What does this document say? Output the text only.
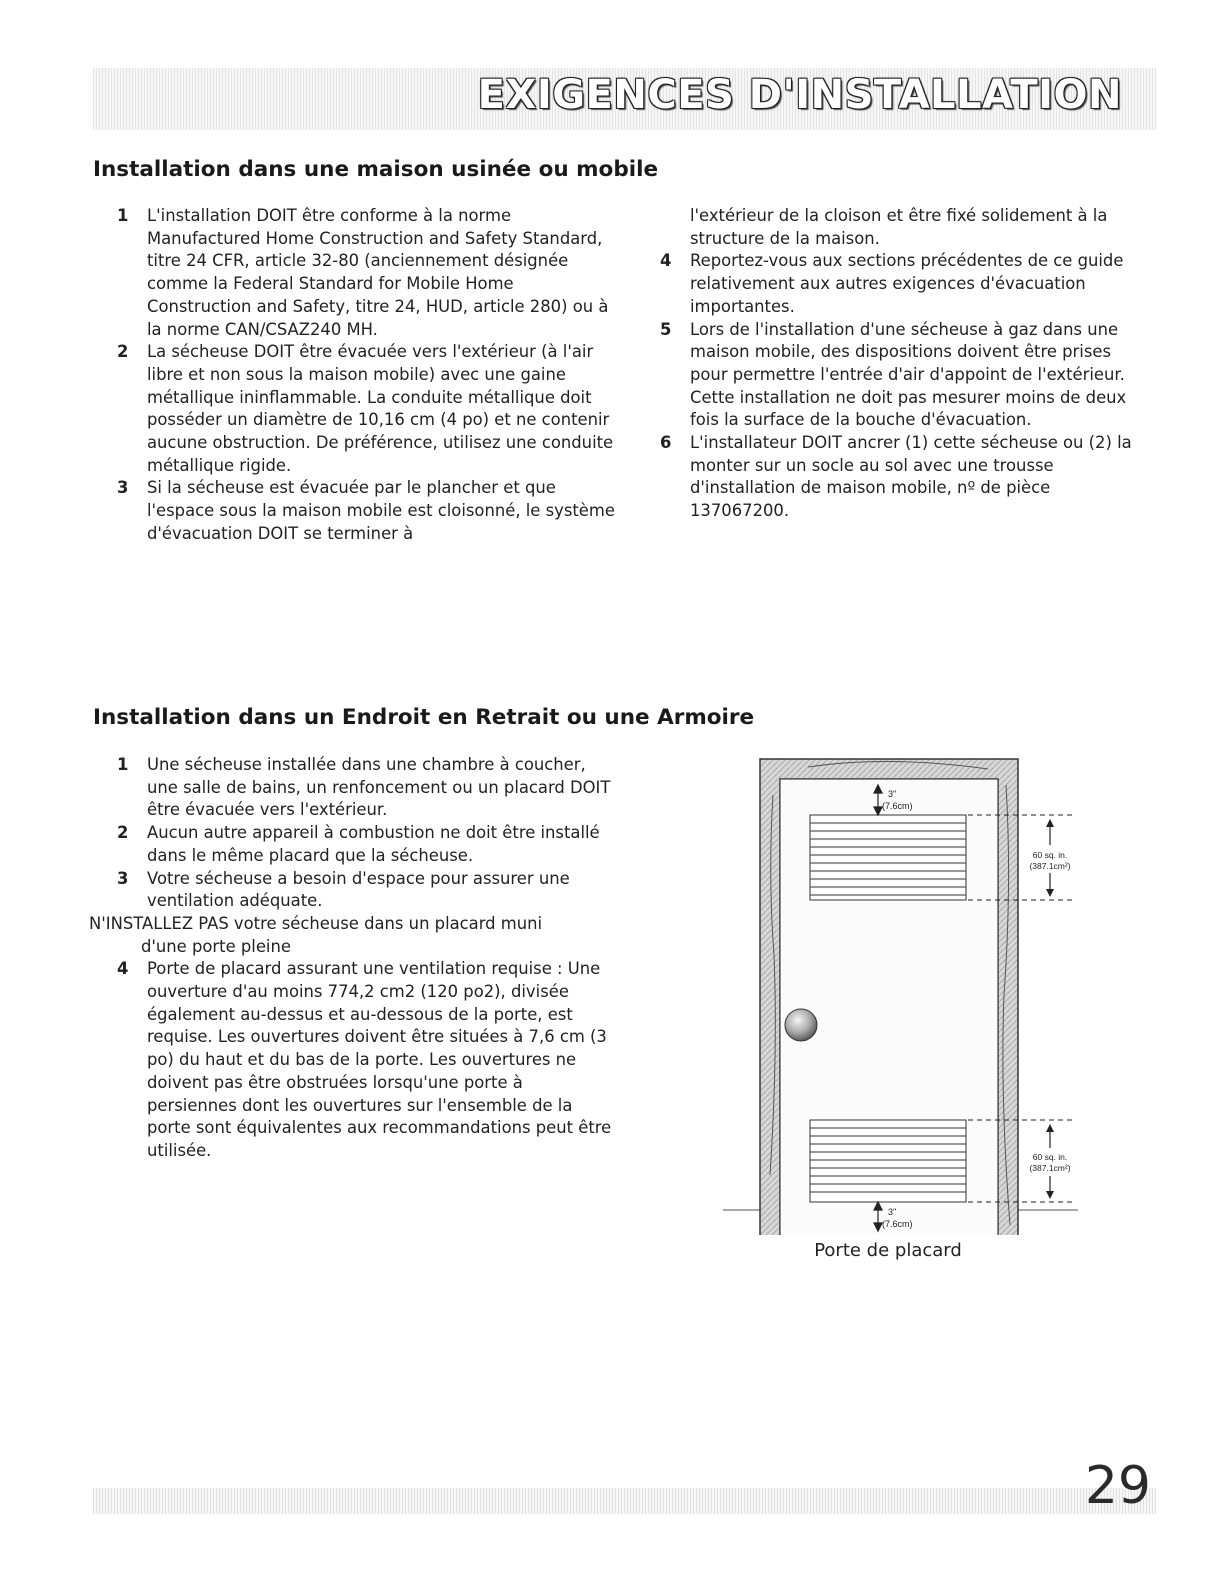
EXIGENCES D'INSTALLATION
Installation dans une maison usinée ou mobile
1 L'installation DOIT être conforme à la norme Manufactured Home Construction and Safety Standard, titre 24 CFR, article 32-80 (anciennement désignée comme la Federal Standard for Mobile Home Construction and Safety, titre 24, HUD, article 280) ou à la norme CAN/CSAZ240 MH.
2 La sécheuse DOIT être évacuée vers l'extérieur (à l'air libre et non sous la maison mobile) avec une gaine métallique ininflammable. La conduite métallique doit posséder un diamètre de 10,16 cm (4 po) et ne contenir aucune obstruction. De préférence, utilisez une conduite métallique rigide.
3 Si la sécheuse est évacuée par le plancher et que l'espace sous la maison mobile est cloisonné, le système d'évacuation DOIT se terminer à
l'extérieur de la cloison et être fixé solidement à la structure de la maison.
4 Reportez-vous aux sections précédentes de ce guide relativement aux autres exigences d'évacuation importantes.
5 Lors de l'installation d'une sécheuse à gaz dans une maison mobile, des dispositions doivent être prises pour permettre l'entrée d'air d'appoint de l'extérieur. Cette installation ne doit pas mesurer moins de deux fois la surface de la bouche d'évacuation.
6 L'installateur DOIT ancrer (1) cette sécheuse ou (2) la monter sur un socle au sol avec une trousse d'installation de maison mobile, nº de pièce 137067200.
Installation dans un Endroit en Retrait ou une Armoire
1 Une sécheuse installée dans une chambre à coucher, une salle de bains, un renfoncement ou un placard DOIT être évacuée vers l'extérieur.
2 Aucun autre appareil à combustion ne doit être installé dans le même placard que la sécheuse.
3 Votre sécheuse a besoin d'espace pour assurer une ventilation adéquate.
N'INSTALLEZ PAS votre sécheuse dans un placard muni
d'une porte pleine
4 Porte de placard assurant une ventilation requise : Une ouverture d'au moins 774,2 cm2 (120 po2), divisée également au-dessus et au-dessous de la porte, est requise. Les ouvertures doivent être situées à 7,6 cm (3 po) du haut et du bas de la porte. Les ouvertures ne doivent pas être obstruées lorsqu'une porte à persiennes dont les ouvertures sur l'ensemble de la porte sont équivalentes aux recommandations peut être utilisée.
3"
(7.6cm)
3"
(7.6cm)
60 sq. in.
(387.1cm²)
60 sq. in.
(387.1cm²)
Porte de placard
29
